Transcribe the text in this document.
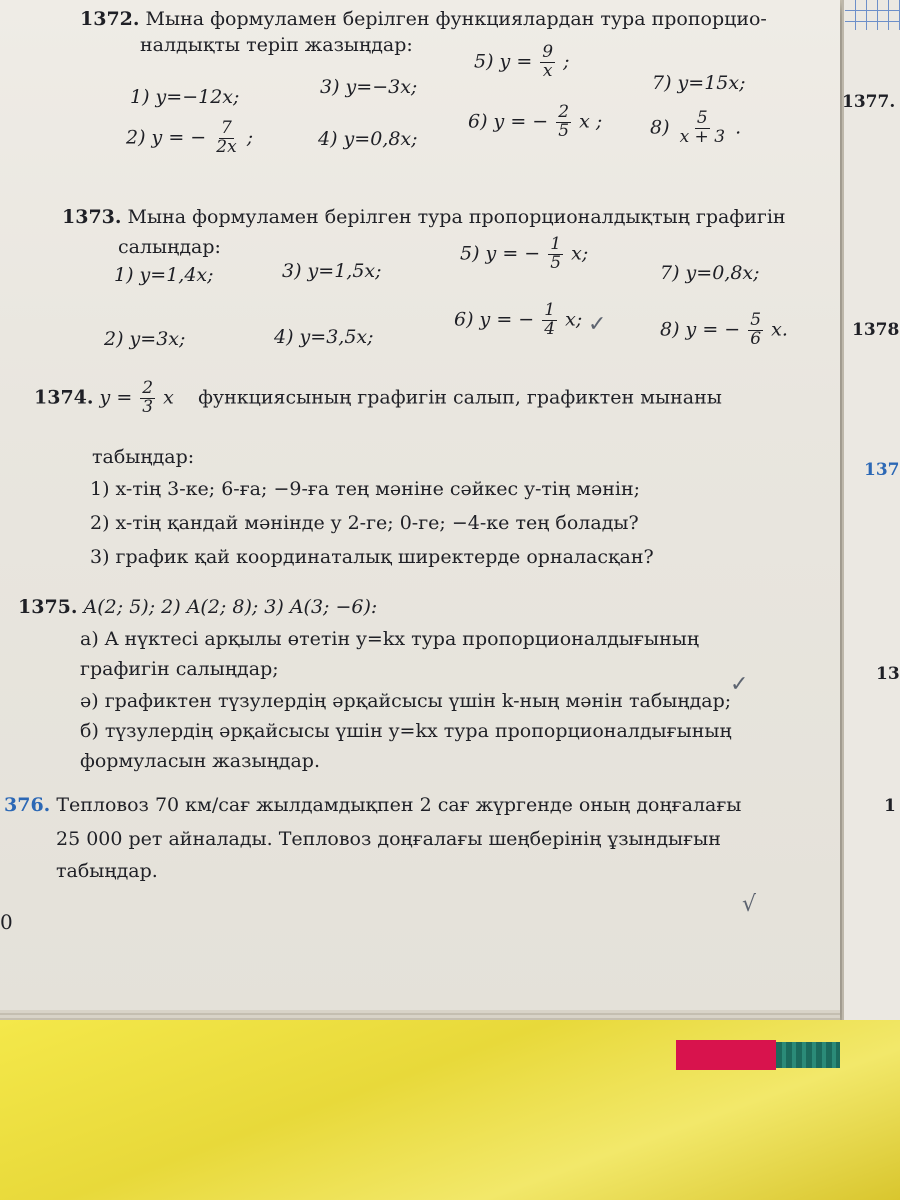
1377.
1378
137
13
1
1372. Мына формуламен берілген функциялардан тура пропорцио-
налдықты теріп жазыңдар:
1) y=−12x;	3) y=−3x;
5) $y = \frac{9}{x}$ ;
7) y=15x;
2) y = − $\frac{7}{2x}$ ;	4) y=0,8x;
6) y = − $\frac{2}{5}$ x ;	$8) \frac{5}{x + 3}$ .
1373. Мына формуламен берілген тура пропорционалдықтың графигін
салыңдар:
1) y=1,4x;	3) y=1,5x;
5) y = − $\frac{1}{5} x$;
7) y=0,8x;
2) y=3x;	4) y=3,5x;
6) y = − $\frac{1}{4} x$;	8) y = − $\frac{5}{6} x$.
1374. $y = \frac{2}{3}$ x функциясының графигін салып, графиктен мынаны
табыңдар:
1) x-тің 3-ке; 6-ға; −9-ға тең мәніне сәйкес y-тің мәнін;
2) x-тің қандай мәнінде y 2-ге; 0-ге; −4-ке тең болады?
3) график қай координаталық ширектерде орналасқан?
1375. A(2; 5); 2) A(2; 8); 3) A(3; −6):
а) A нүктесі арқылы өтетін y=kx тура пропорционалдығының
графигін салыңдар;
ә) графиктен түзулердің әрқайсысы үшін k-ның мәнін табыңдар;
б) түзулердің әрқайсысы үшін y=kx тура пропорционалдығының
формуласын жазыңдар.
376. Тепловоз 70 км/сағ жылдамдықпен 2 сағ жүргенде оның доңғалағы
25 000 рет айналады. Тепловоз доңғалағы шеңберінің ұзындығын
табыңдар.
0
✓
✓
√
